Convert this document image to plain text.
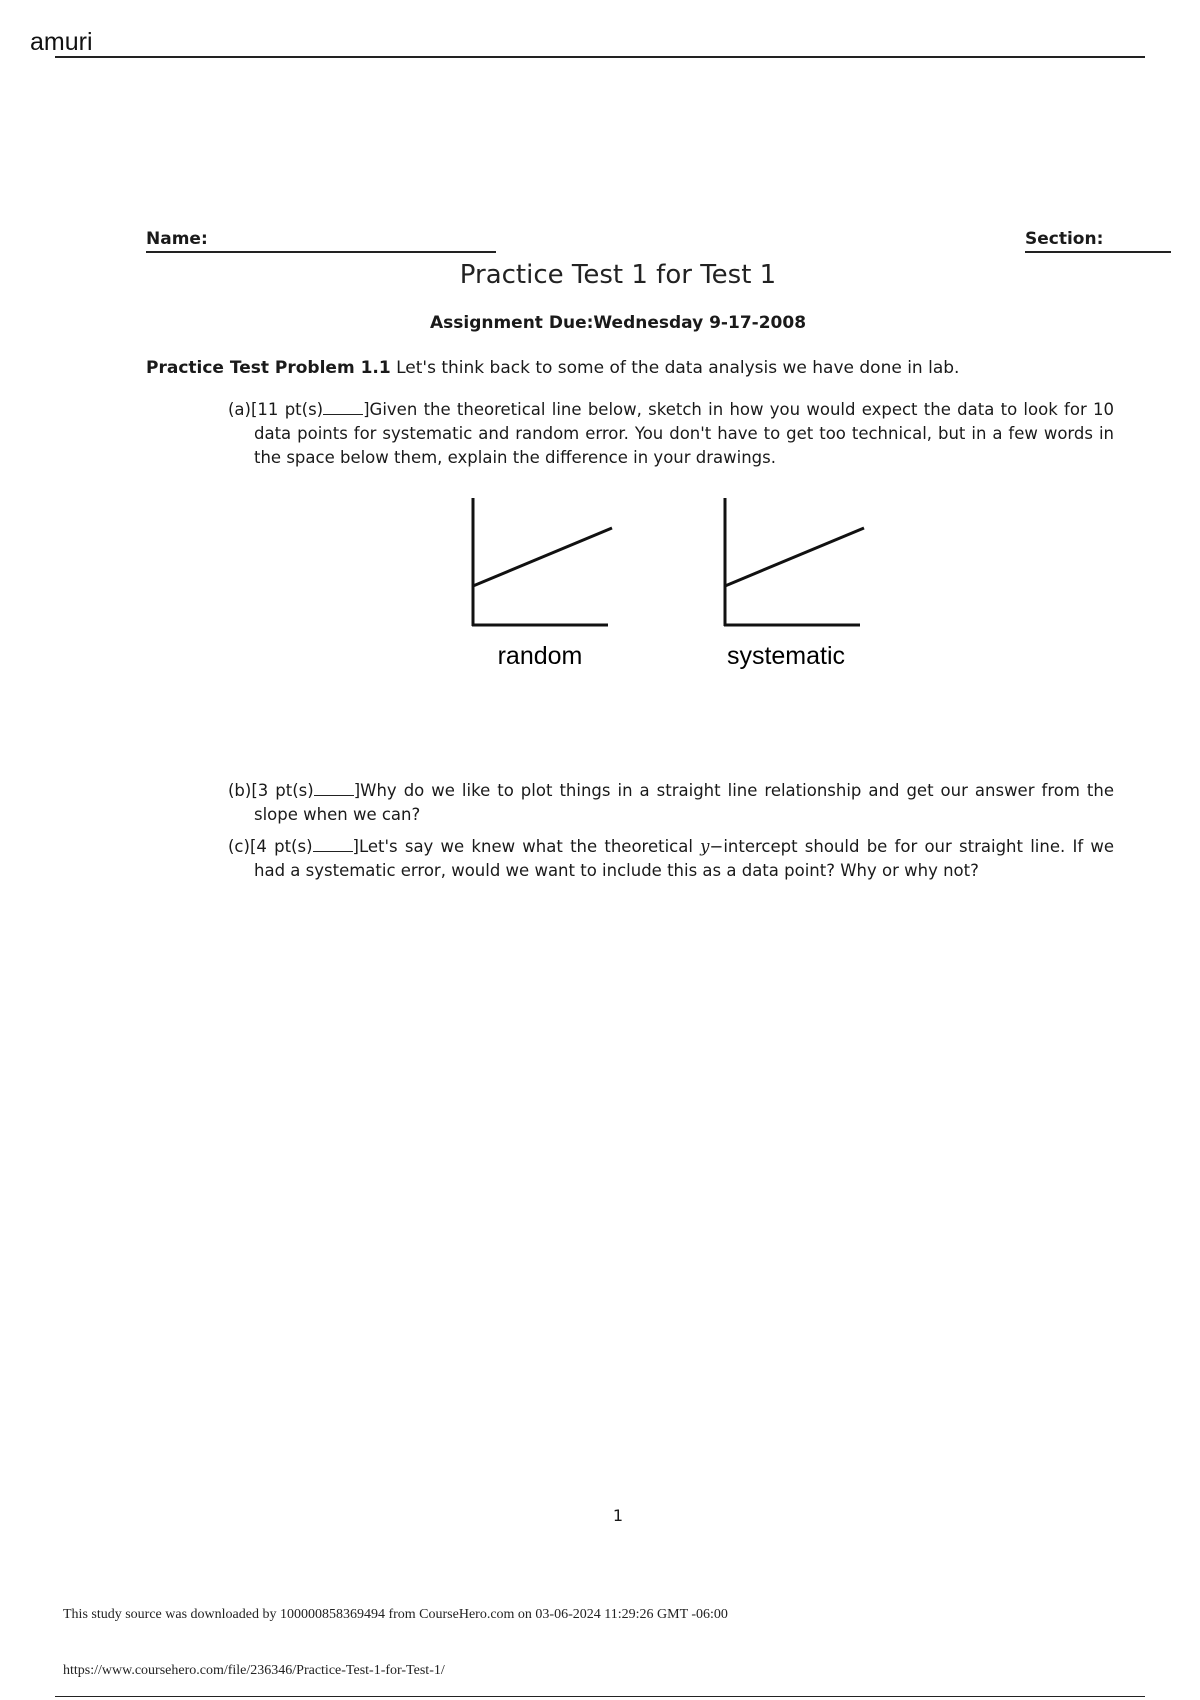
amuri
Name:	Section:
Practice Test 1 for Test 1
Assignment Due:Wednesday 9-17-2008
Practice Test Problem 1.1 Let's think back to some of the data analysis we have done in lab.
(a)[11 pt(s) ]Given the theoretical line below, sketch in how you would expect the data to look for 10 data points for systematic and random error. You don't have to get too technical, but in a few words in the space below them, explain the difference in your drawings.
random	systematic
(b)[3 pt(s) ]Why do we like to plot things in a straight line relationship and get our answer from the slope when we can?
(c)[4 pt(s) ]Let's say we knew what the theoretical y−intercept should be for our straight line. If we had a systematic error, would we want to include this as a data point? Why or why not?
1
This study source was downloaded by 100000858369494 from CourseHero.com on 03-06-2024 11:29:26 GMT -06:00
https://www.coursehero.com/file/236346/Practice-Test-1-for-Test-1/
